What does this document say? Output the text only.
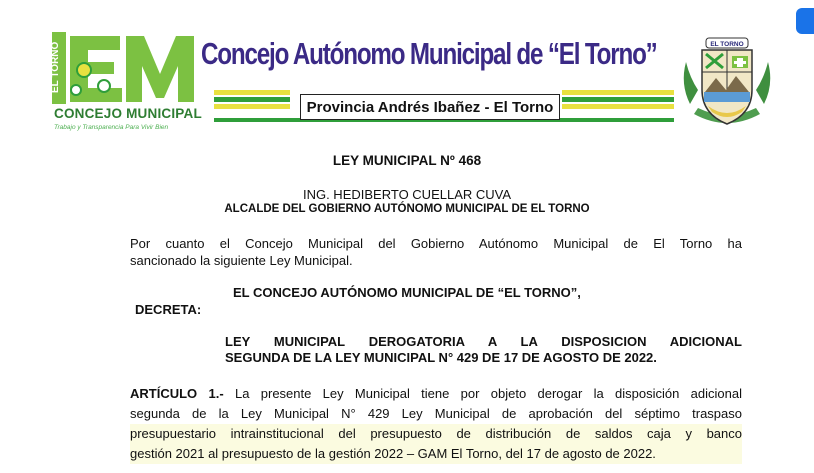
EL TORNO
CONCEJO MUNICIPAL
Trabajo y Transparencia Para Vivir Bien
Concejo Autónomo Municipal de “El Torno”
Provincia Andrés Ibañez - El Torno
EL TORNO
LEY MUNICIPAL Nº 468
ING. HEDIBERTO CUELLAR CUVA
ALCALDE DEL GOBIERNO AUTÓNOMO MUNICIPAL DE EL TORNO
Por cuanto el Concejo Municipal del Gobierno Autónomo Municipal de El Torno ha
sancionado la siguiente Ley Municipal.
EL CONCEJO AUTÓNOMO MUNICIPAL DE “EL TORNO”,
DECRETA:
LEY MUNICIPAL DEROGATORIA A LA DISPOSICION ADICIONAL
SEGUNDA DE LA LEY MUNICIPAL N° 429 DE 17 DE AGOSTO DE 2022.
ARTÍCULO 1.- La presente Ley Municipal tiene por objeto derogar la disposición adicional
segunda de la Ley Municipal N° 429 Ley Municipal de aprobación del séptimo traspaso
presupuestario intrainstitucional del presupuesto de distribución de saldos caja y banco
gestión 2021 al presupuesto de la gestión 2022 – GAM El Torno, del 17 de agosto de 2022.
